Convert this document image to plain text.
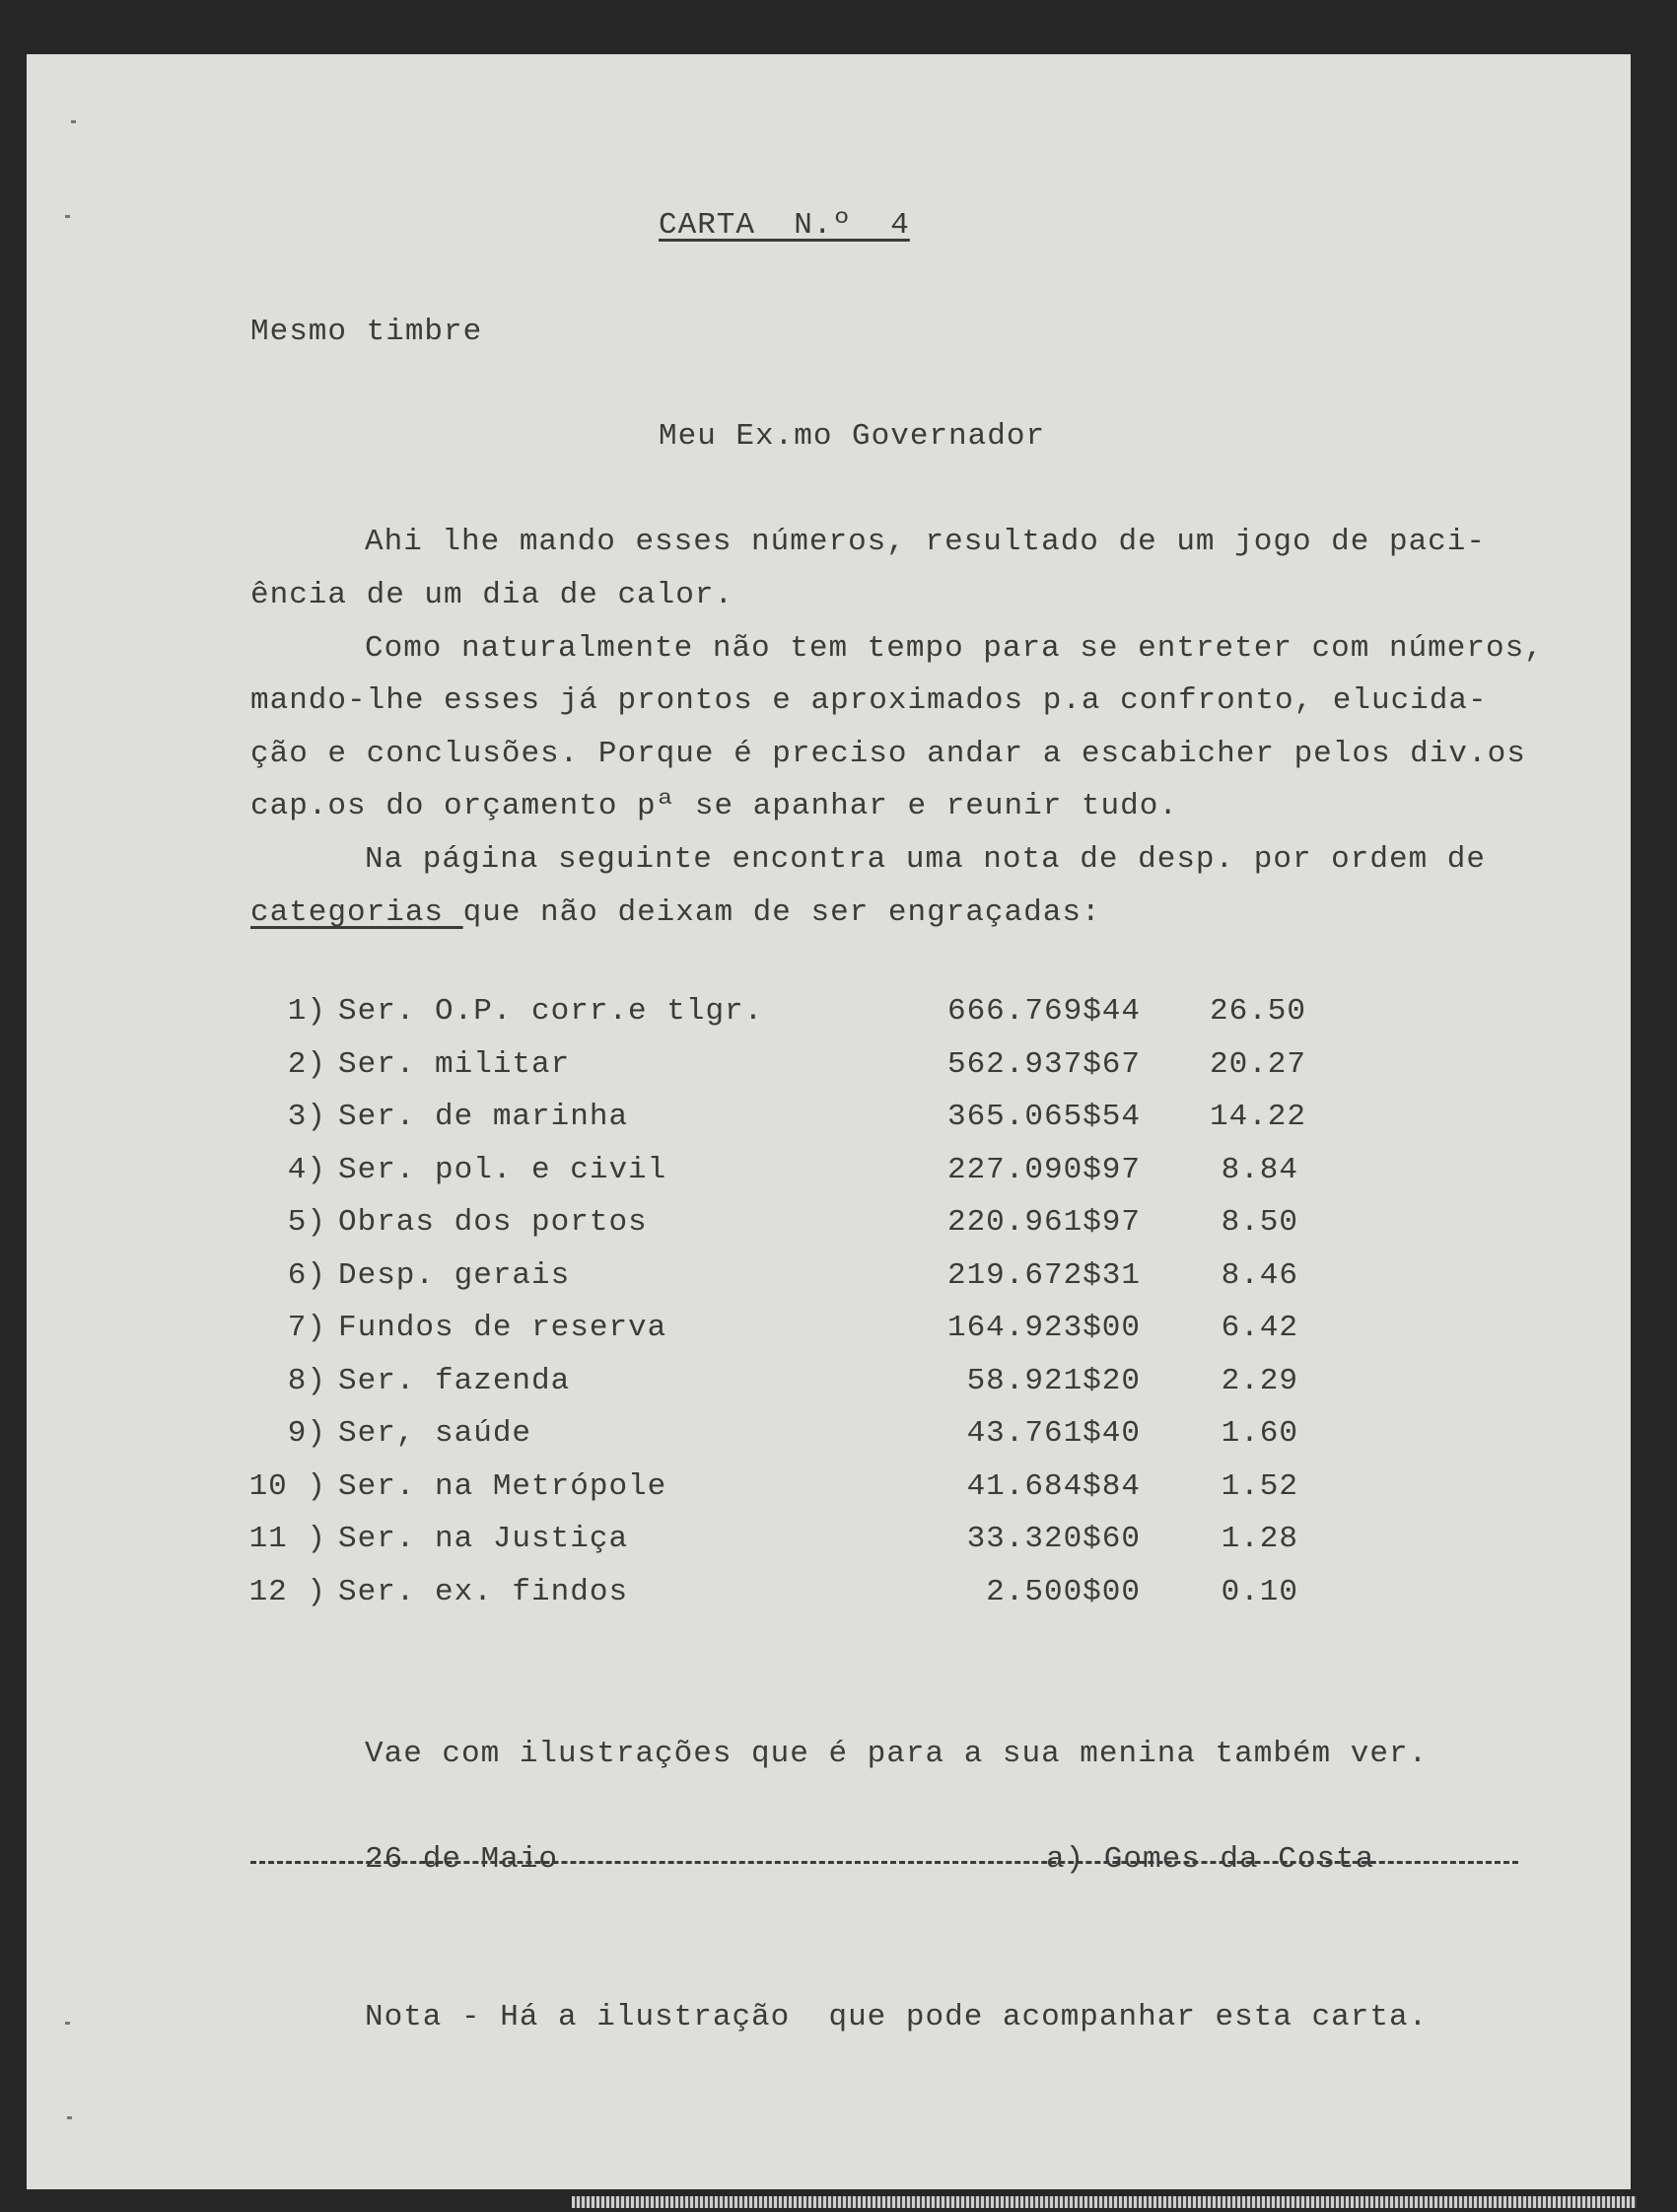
CARTA  N.º  4

Mesmo timbre

Meu Ex.mo Governador

Ahi lhe mando esses números, resultado de um jogo de paci-

ência de um dia de calor.

Como naturalmente não tem tempo para se entreter com números,

mando-lhe esses já prontos e aproximados p.a confronto, elucida-

ção e conclusões. Porque é preciso andar a escabicher pelos div.os

cap.os do orçamento pª se apanhar e reunir tudo.

Na página seguinte encontra uma nota de desp. por ordem de

categorias que não deixam de ser engraçadas:

1) Ser. O.P. corr.e tlgr.	666.769$44 26.50
2) Ser. militar	562.937$67 20.27
3) Ser. de marinha	365.065$54 14.22
4) Ser. pol. e civil	227.090$97	8.84
5) Obras dos portos	220.961$97	8.50
6) Desp. gerais	219.672$31	8.46
7) Fundos de reserva	164.923$00	6.42
8) Ser. fazenda	58.921$20	2.29
9) Ser, saúde	43.761$40	1.60
10 ) Ser. na Metrópole	41.684$84	1.52
11 ) Ser. na Justiça	33.320$60	1.28
12 ) Ser. ex. findos	2.500$00	0.10

Vae com ilustrações que é para a sua menina também ver.

26 de Maio	a) Gomes da Costa

Nota - Há a ilustração  que pode acompanhar esta carta.
